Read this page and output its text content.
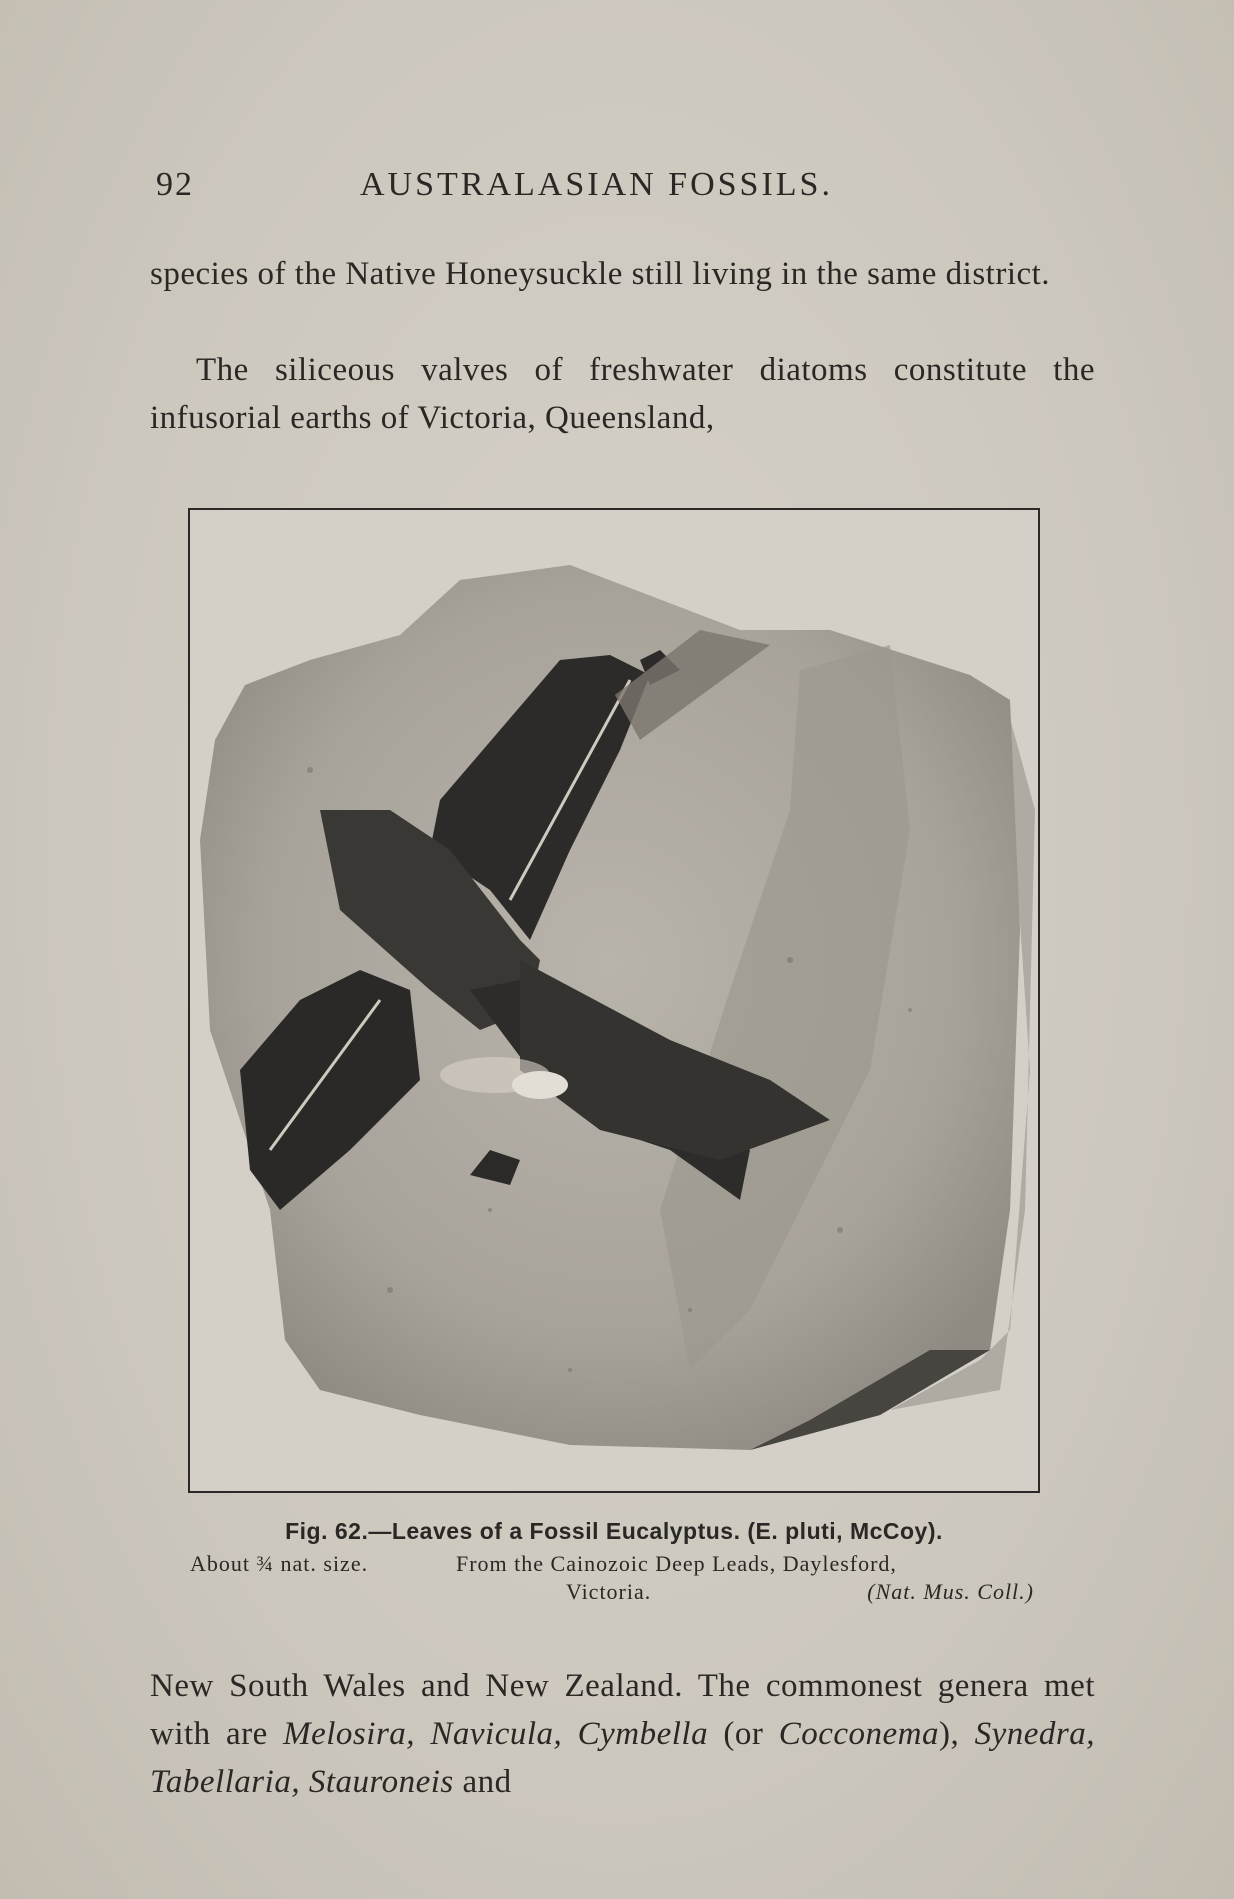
92	AUSTRALASIAN FOSSILS.

species of the Native Honeysuckle still living in the same district.

The siliceous valves of freshwater diatoms constitute the infusorial earths of Victoria, Queensland,

Fig. 62.—Leaves of a Fossil Eucalyptus. (E. pluti, McCoy).
About ¾ nat. size.	From the Cainozoic Deep Leads, Daylesford,
Victoria.	(Nat. Mus. Coll.)

New South Wales and New Zealand. The commonest genera met with are Melosira, Navicula, Cymbella (or Cocconema), Synedra, Tabellaria, Stauroneis and
